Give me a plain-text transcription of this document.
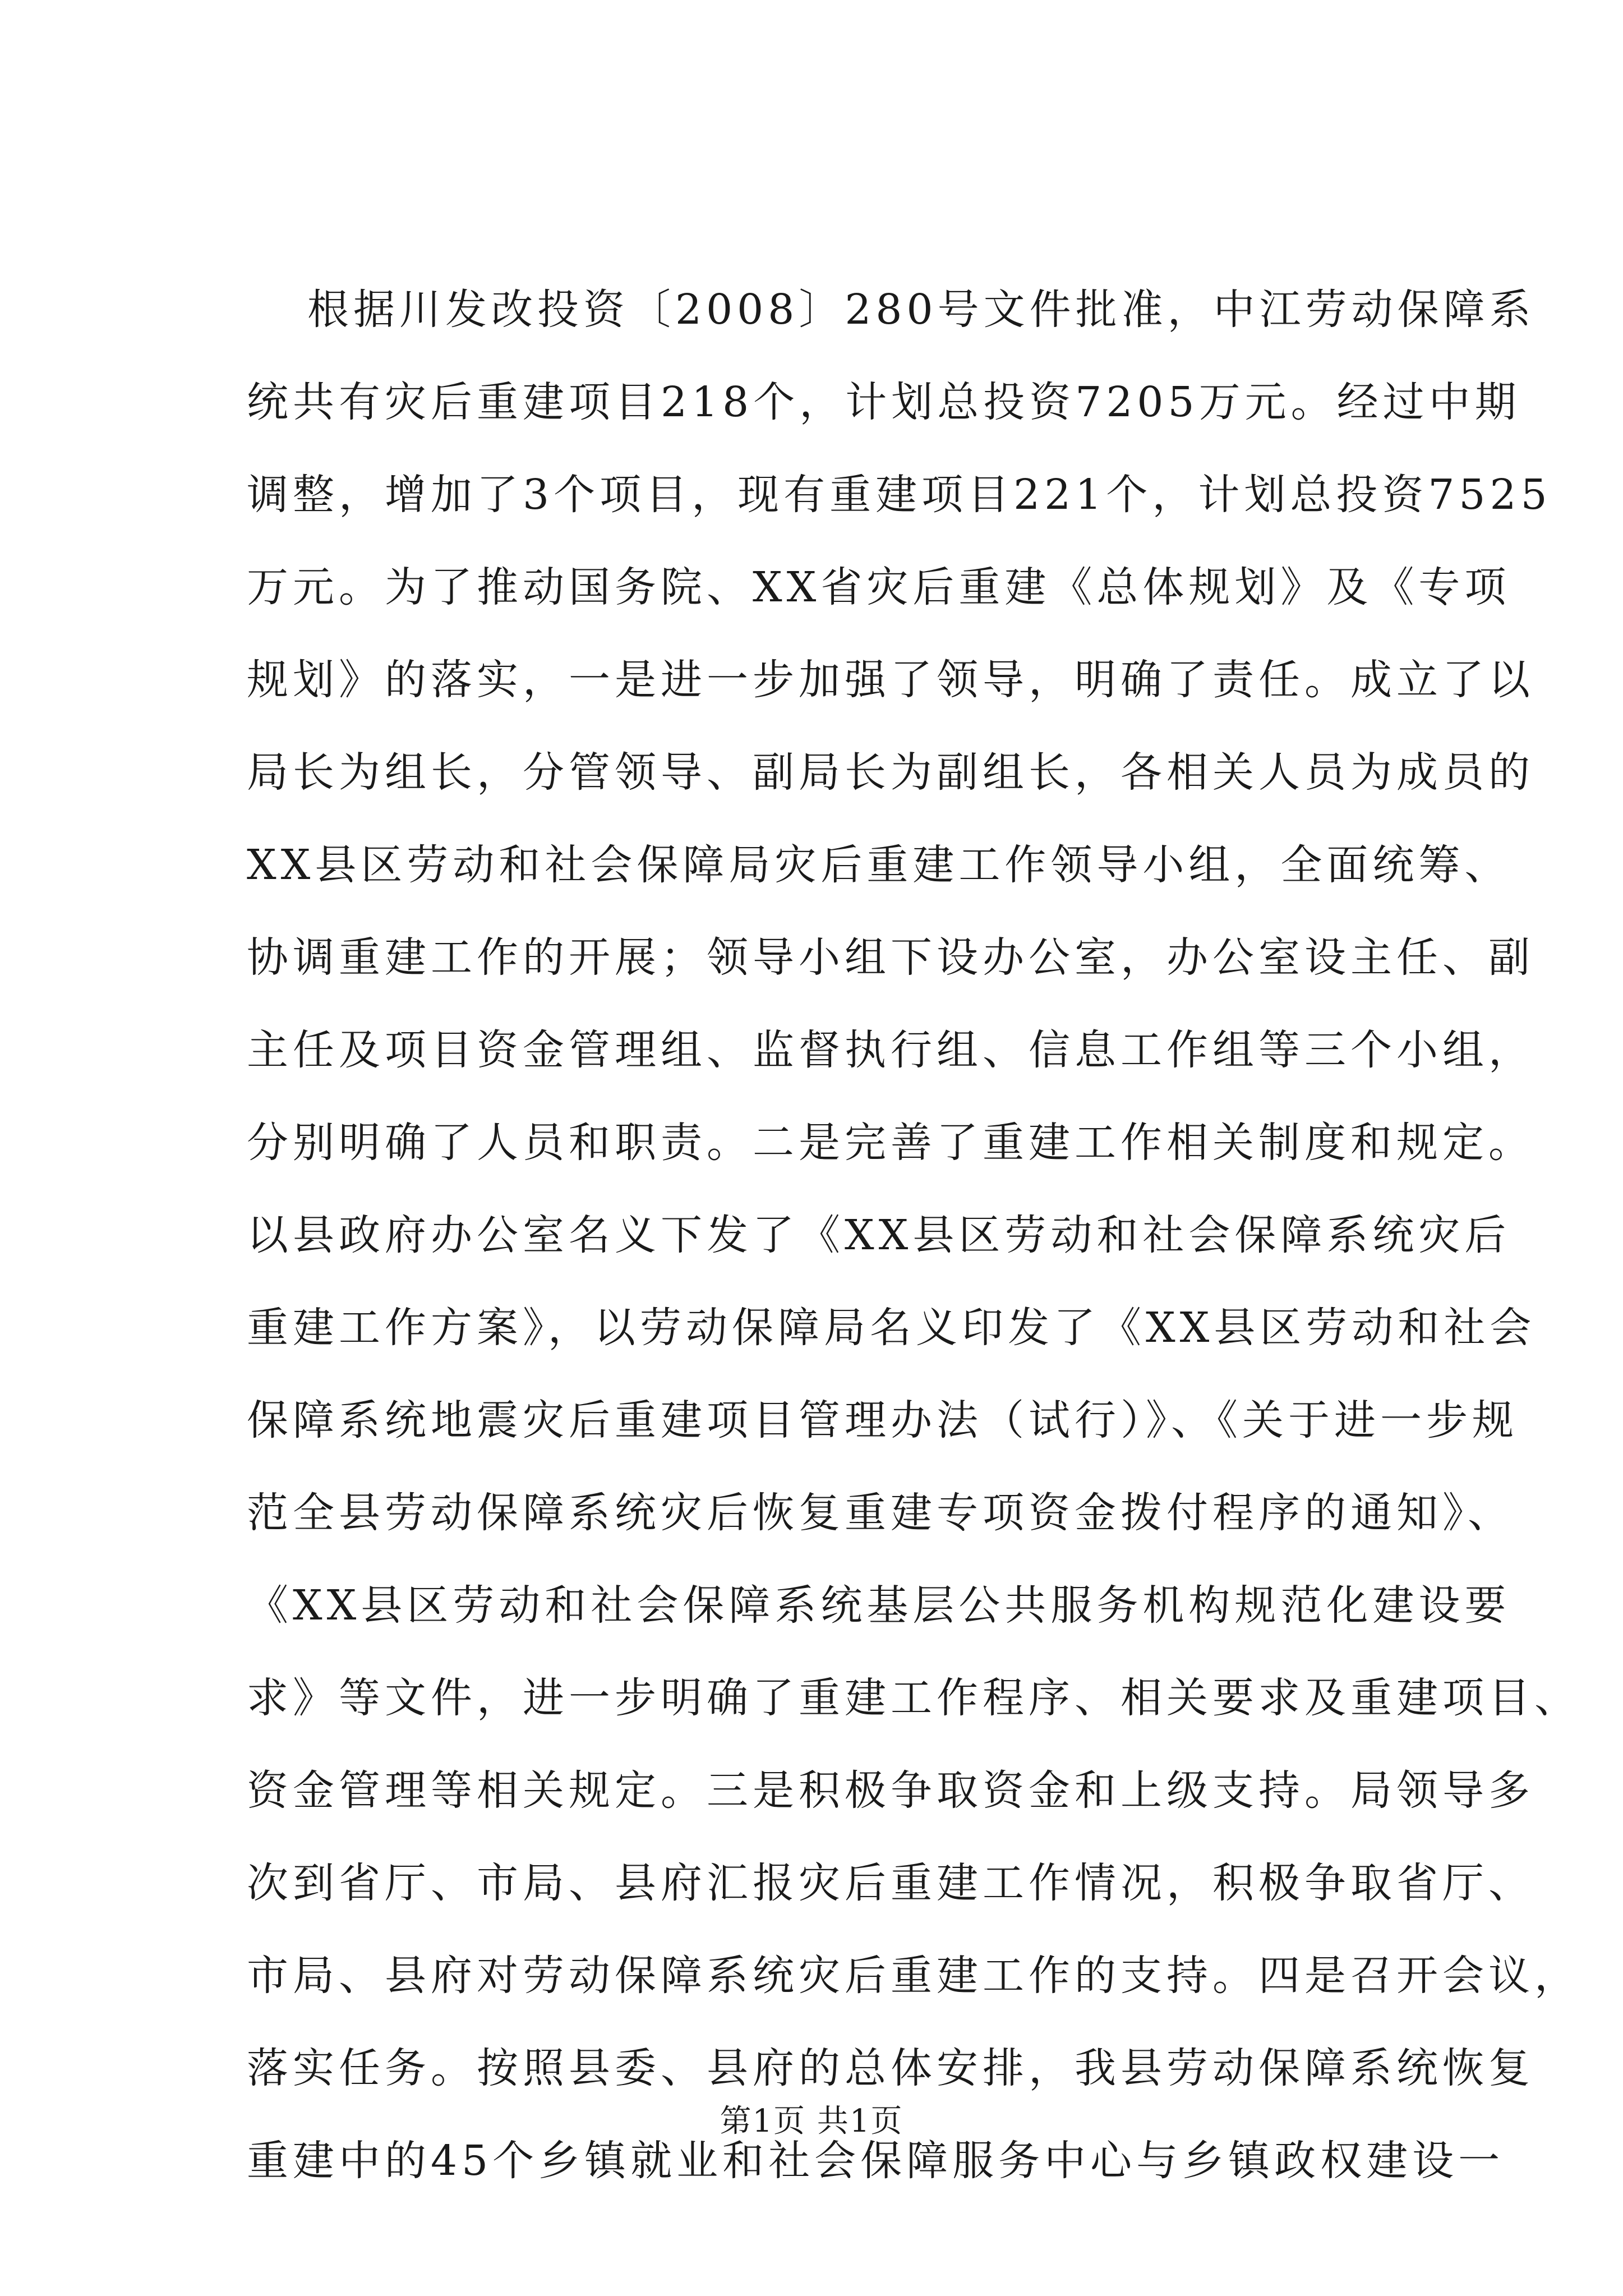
根据川发改投资〔2008〕280号文件批准，中江劳动保障系
统共有灾后重建项目218个，计划总投资7205万元。经过中期
调整，增加了3个项目，现有重建项目221个，计划总投资7525
万元。为了推动国务院、XX省灾后重建《总体规划》及《专项
规划》的落实，一是进一步加强了领导，明确了责任。成立了以
局长为组长，分管领导、副局长为副组长，各相关人员为成员的
XX县区劳动和社会保障局灾后重建工作领导小组，全面统筹、
协调重建工作的开展；领导小组下设办公室，办公室设主任、副
主任及项目资金管理组、监督执行组、信息工作组等三个小组，
分别明确了人员和职责。二是完善了重建工作相关制度和规定。
以县政府办公室名义下发了《XX县区劳动和社会保障系统灾后
重建工作方案》，以劳动保障局名义印发了《XX县区劳动和社会
保障系统地震灾后重建项目管理办法（试行）》、《关于进一步规
范全县劳动保障系统灾后恢复重建专项资金拨付程序的通知》、
《XX县区劳动和社会保障系统基层公共服务机构规范化建设要
求》等文件，进一步明确了重建工作程序、相关要求及重建项目、
资金管理等相关规定。三是积极争取资金和上级支持。局领导多
次到省厅、市局、县府汇报灾后重建工作情况，积极争取省厅、
市局、县府对劳动保障系统灾后重建工作的支持。四是召开会议，
落实任务。按照县委、县府的总体安排，我县劳动保障系统恢复
重建中的45个乡镇就业和社会保障服务中心与乡镇政权建设一
第1页 共1页
